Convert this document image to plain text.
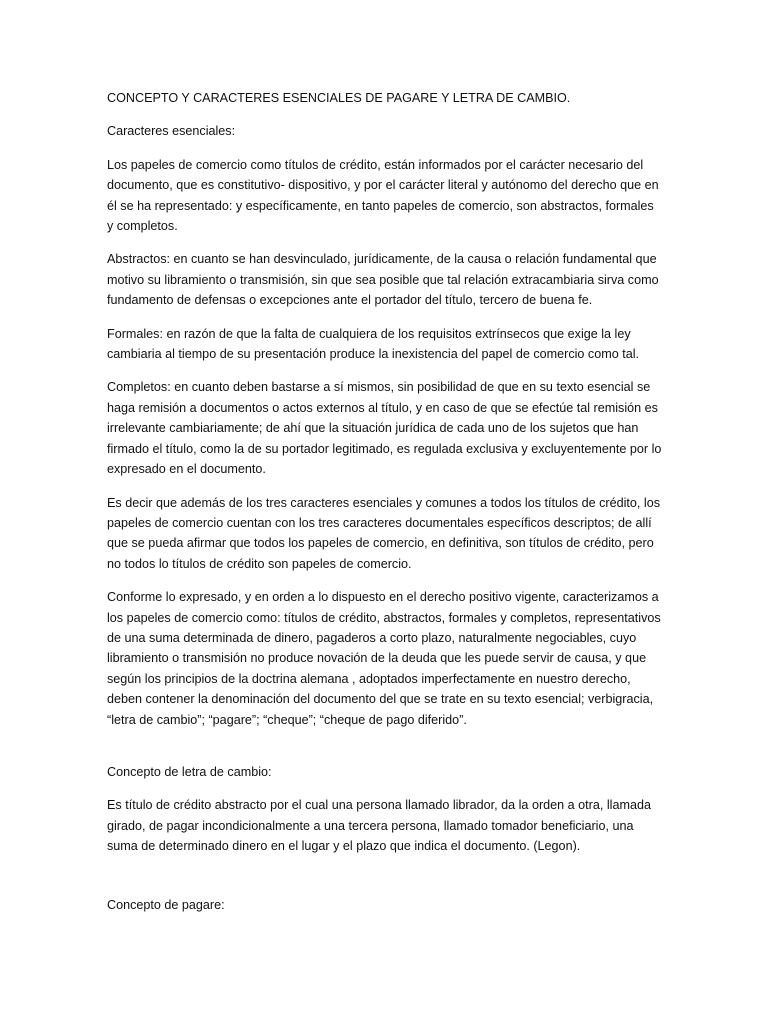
CONCEPTO Y CARACTERES ESENCIALES DE PAGARE Y LETRA DE CAMBIO.

Caracteres esenciales:

Los papeles de comercio como títulos de crédito, están informados por el carácter necesario del documento, que es constitutivo- dispositivo, y por el carácter literal y autónomo del derecho que en él se ha representado: y específicamente, en tanto papeles de comercio, son abstractos, formales y completos.

Abstractos: en cuanto se han desvinculado, jurídicamente, de la causa o relación fundamental que motivo su libramiento o transmisión, sin que sea posible que tal relación extracambiaria sirva como fundamento de defensas o excepciones ante el portador del título, tercero de buena fe.

Formales: en razón de que la falta de cualquiera de los requisitos extrínsecos que exige la ley cambiaria al tiempo de su presentación produce la inexistencia del papel de comercio como tal.

Completos: en cuanto deben bastarse a sí mismos, sin posibilidad de que en su texto esencial se haga remisión a documentos o actos externos al título, y en caso de que se efectúe tal remisión es irrelevante cambiariamente; de ahí que la situación jurídica de cada uno de los sujetos que han firmado el título, como la de su portador legitimado, es regulada exclusiva y excluyentemente por lo expresado en el documento.

Es decir que además de los tres caracteres esenciales y comunes a todos los títulos de crédito, los papeles de comercio cuentan con los tres caracteres documentales específicos descriptos; de allí que se pueda afirmar que todos los papeles de comercio, en definitiva, son títulos de crédito, pero no todos lo títulos de crédito son papeles de comercio.

Conforme lo expresado, y en orden a lo dispuesto en el derecho positivo vigente, caracterizamos a los papeles de comercio como: títulos de crédito, abstractos, formales y completos, representativos de una suma determinada de dinero, pagaderos a corto plazo, naturalmente negociables, cuyo libramiento o transmisión no produce novación de la deuda que les puede servir de causa, y que según los principios de la doctrina alemana , adoptados imperfectamente en nuestro derecho, deben contener la denominación del documento del que se trate en su texto esencial; verbigracia, “letra de cambio”; “pagare”; “cheque”; “cheque de pago diferido”.

Concepto de letra de cambio:

Es título de crédito abstracto por el cual una persona llamado librador, da la orden a otra, llamada girado, de pagar incondicionalmente a una tercera persona, llamado tomador beneficiario, una suma de determinado dinero en el lugar y el plazo que indica el documento. (Legon).

Concepto de pagare:
